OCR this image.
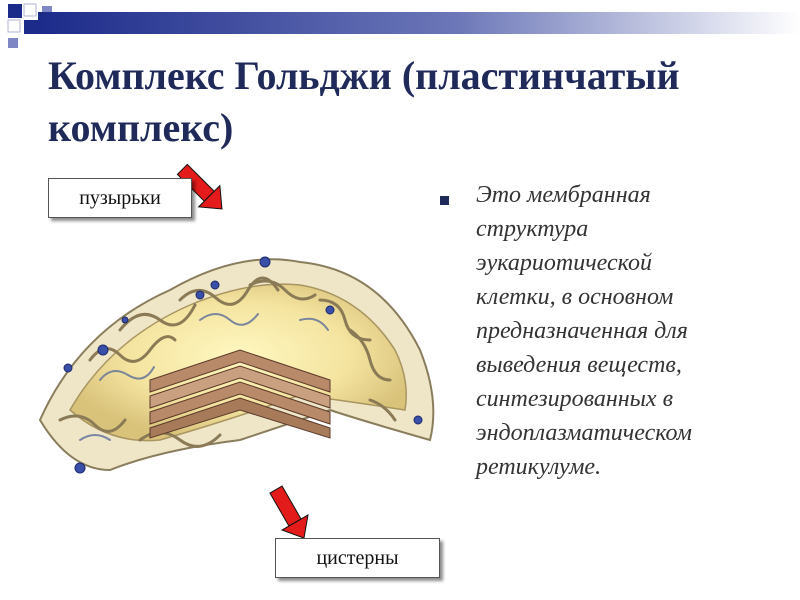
Комплекс Гольджи (пластинчатый комплекс)
пузырьки
цистерны
Это мембранная
структура
эукариотической
клетки, в основном
предназначенная для
выведения веществ,
синтезированных в
эндоплазматическом
ретикулуме.
